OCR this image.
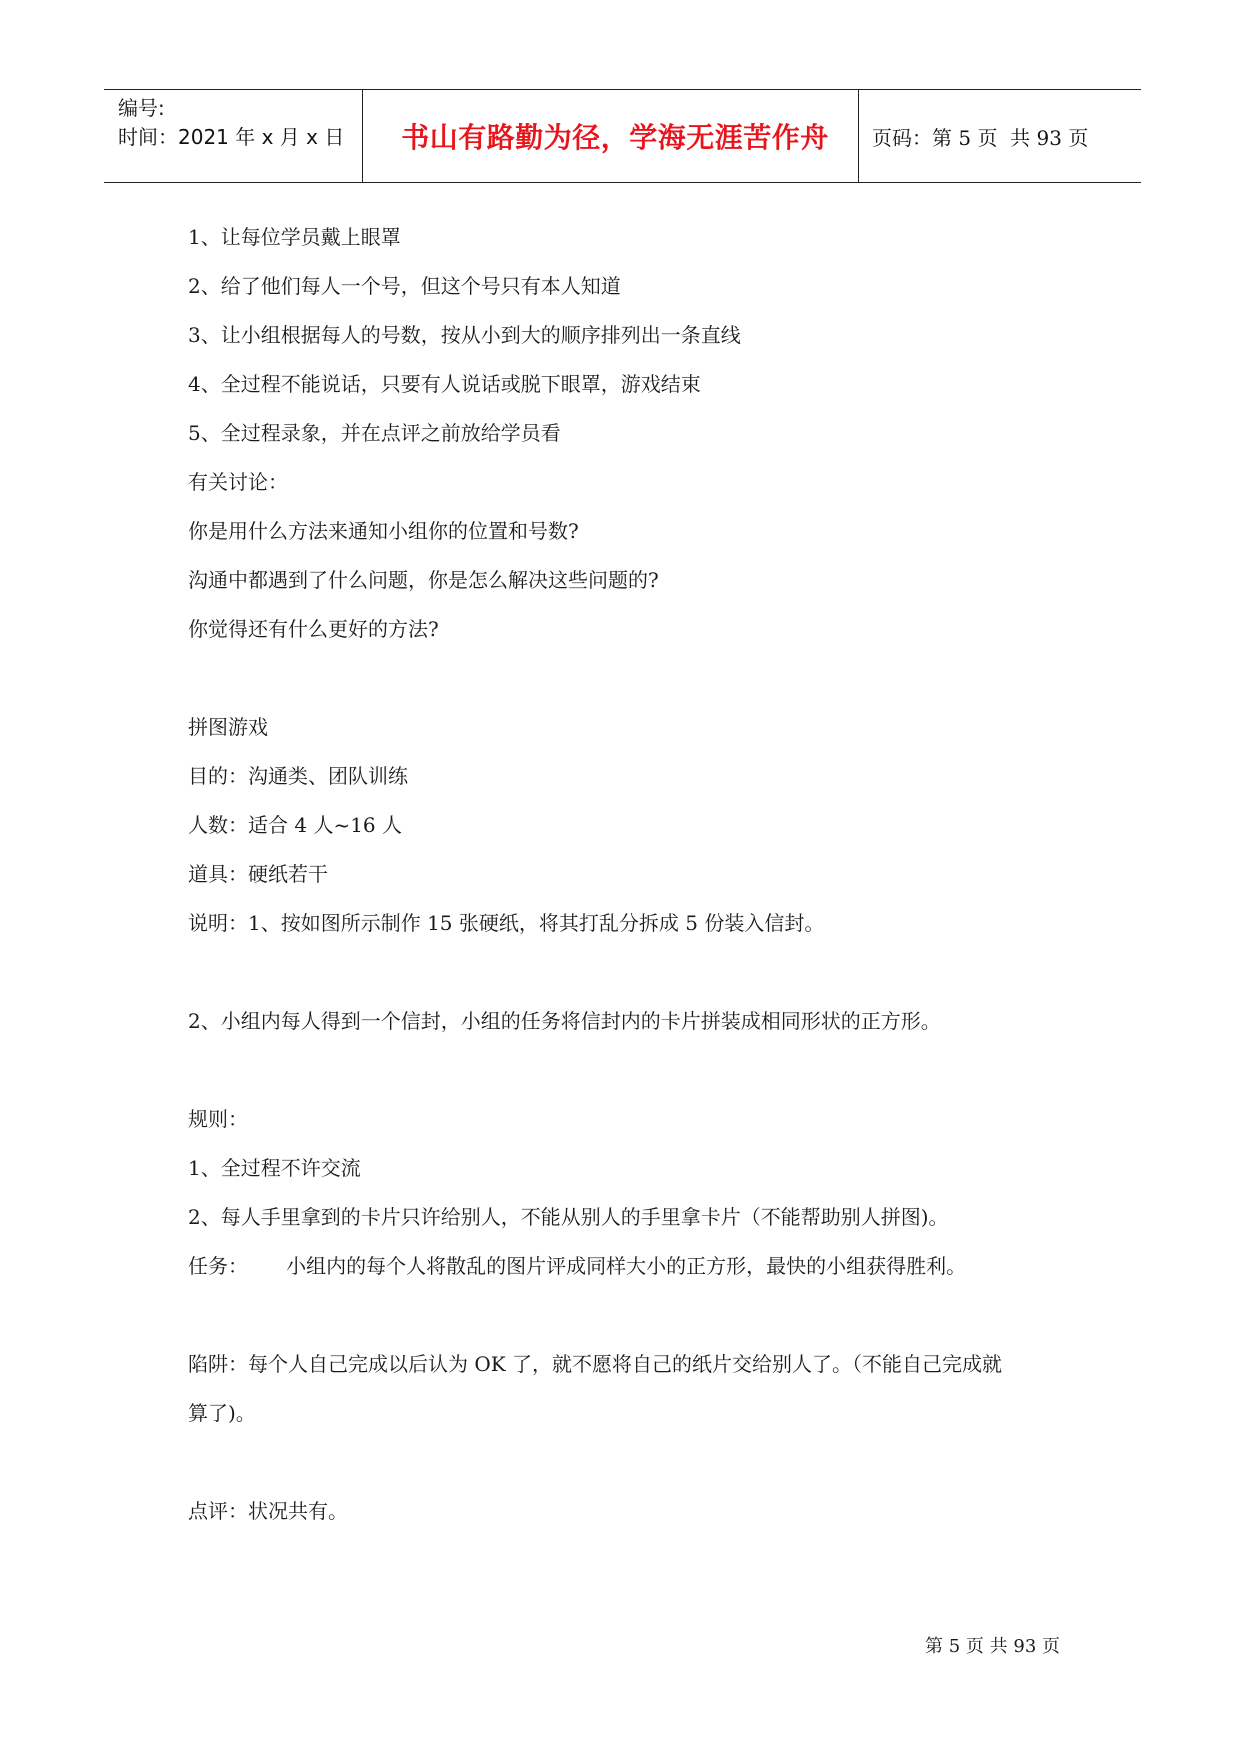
编号:
时间：2021 年 x 月 x 日	书山有路勤为径，学海无涯苦作舟	页码：第 5 页  共 93 页
1、让每位学员戴上眼罩
2、给了他们每人一个号，但这个号只有本人知道
3、让小组根据每人的号数，按从小到大的顺序排列出一条直线
4、全过程不能说话，只要有人说话或脱下眼罩，游戏结束
5、全过程录象，并在点评之前放给学员看
有关讨论：
你是用什么方法来通知小组你的位置和号数?
沟通中都遇到了什么问题，你是怎么解决这些问题的?
你觉得还有什么更好的方法?
拼图游戏
目的：沟通类、团队训练
人数：适合 4 人~16 人
道具：硬纸若干
说明：1、按如图所示制作 15 张硬纸，将其打乱分拆成 5 份装入信封。
2、小组内每人得到一个信封，小组的任务将信封内的卡片拼装成相同形状的正方形。
规则：
1、全过程不许交流
2、每人手里拿到的卡片只许给别人，不能从别人的手里拿卡片（不能帮助别人拼图)。
任务：      小组内的每个人将散乱的图片评成同样大小的正方形，最快的小组获得胜利。
陷阱：每个人自己完成以后认为 OK 了，就不愿将自己的纸片交给别人了。（不能自己完成就
算了)。
点评：状况共有。
第 5 页 共 93 页
